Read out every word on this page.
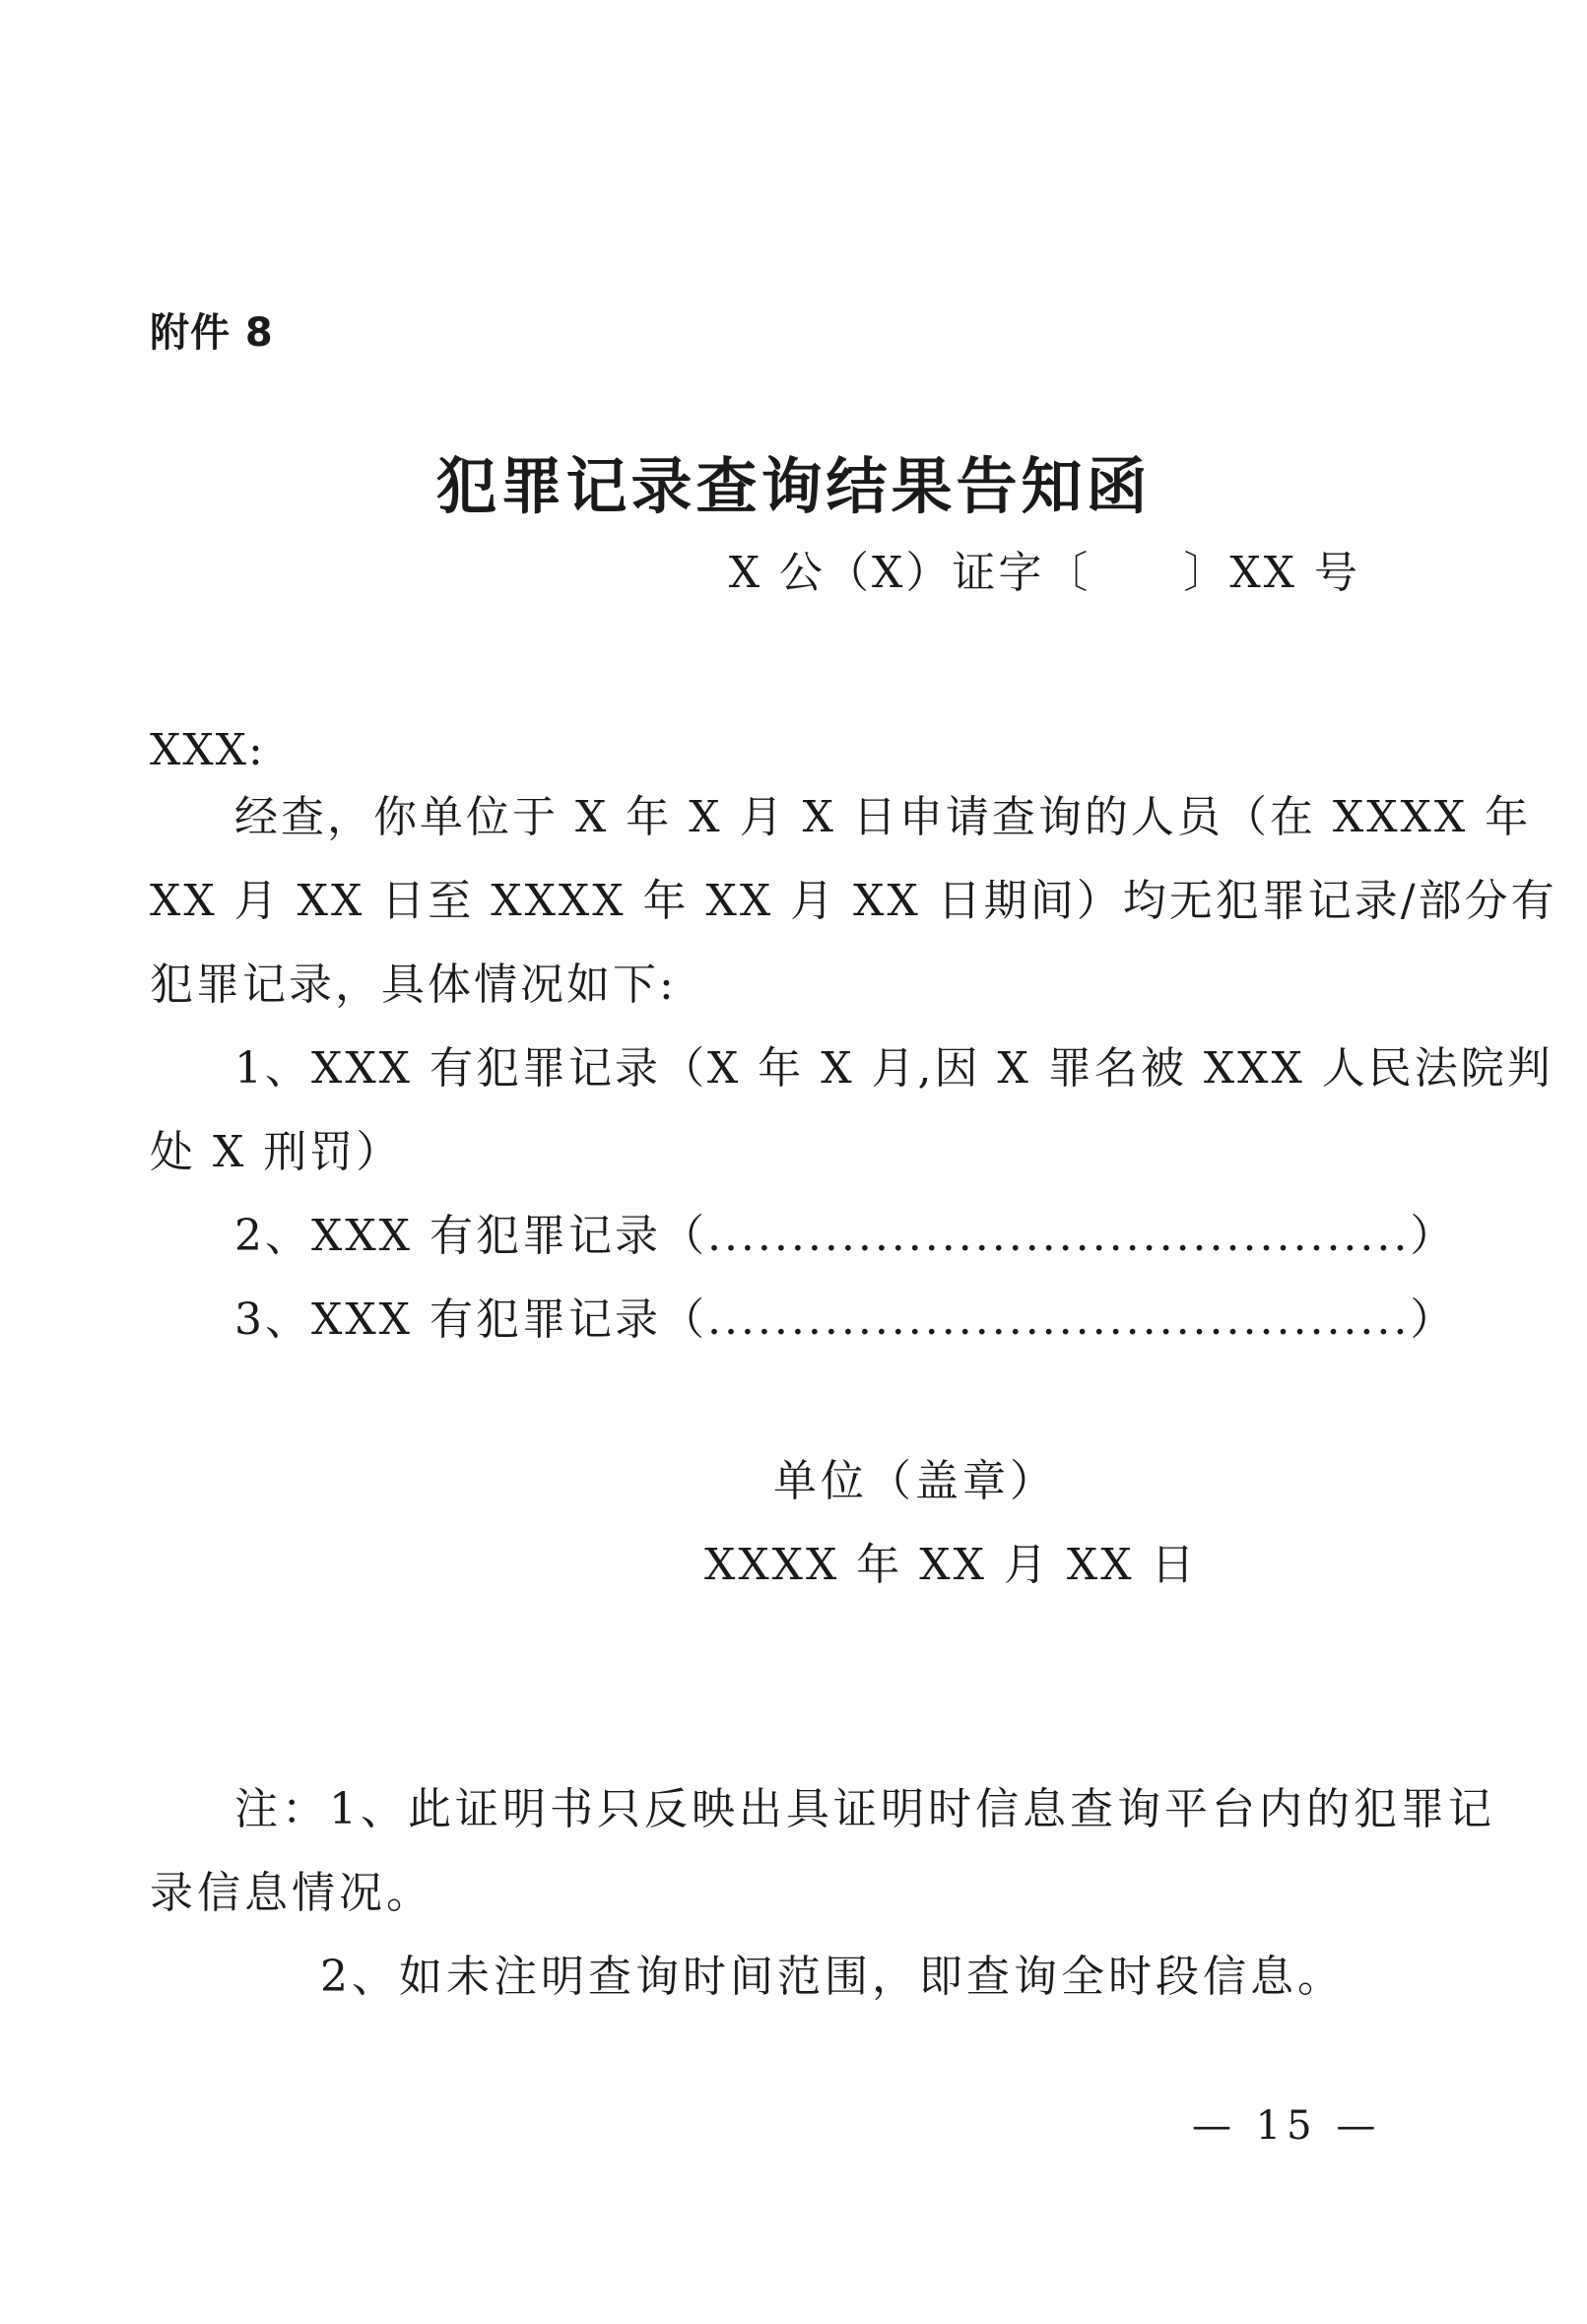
附件 8
犯罪记录查询结果告知函
X 公（X）证字〔　　〕XX 号
XXX:
经查，你单位于 X 年 X 月 X 日申请查询的人员（在 XXXX 年
XX 月 XX 日至 XXXX 年 XX 月 XX 日期间）均无犯罪记录/部分有
犯罪记录，具体情况如下:
1、XXX 有犯罪记录（X 年 X 月,因 X 罪名被 XXX 人民法院判
处 X 刑罚）
2、XXX 有犯罪记录（..........................................）
3、XXX 有犯罪记录（..........................................）
单位（盖章）
XXXX 年 XX 月 XX 日
注：1、此证明书只反映出具证明时信息查询平台内的犯罪记
录信息情况。
2、如未注明查询时间范围，即查询全时段信息。
— 15 —
